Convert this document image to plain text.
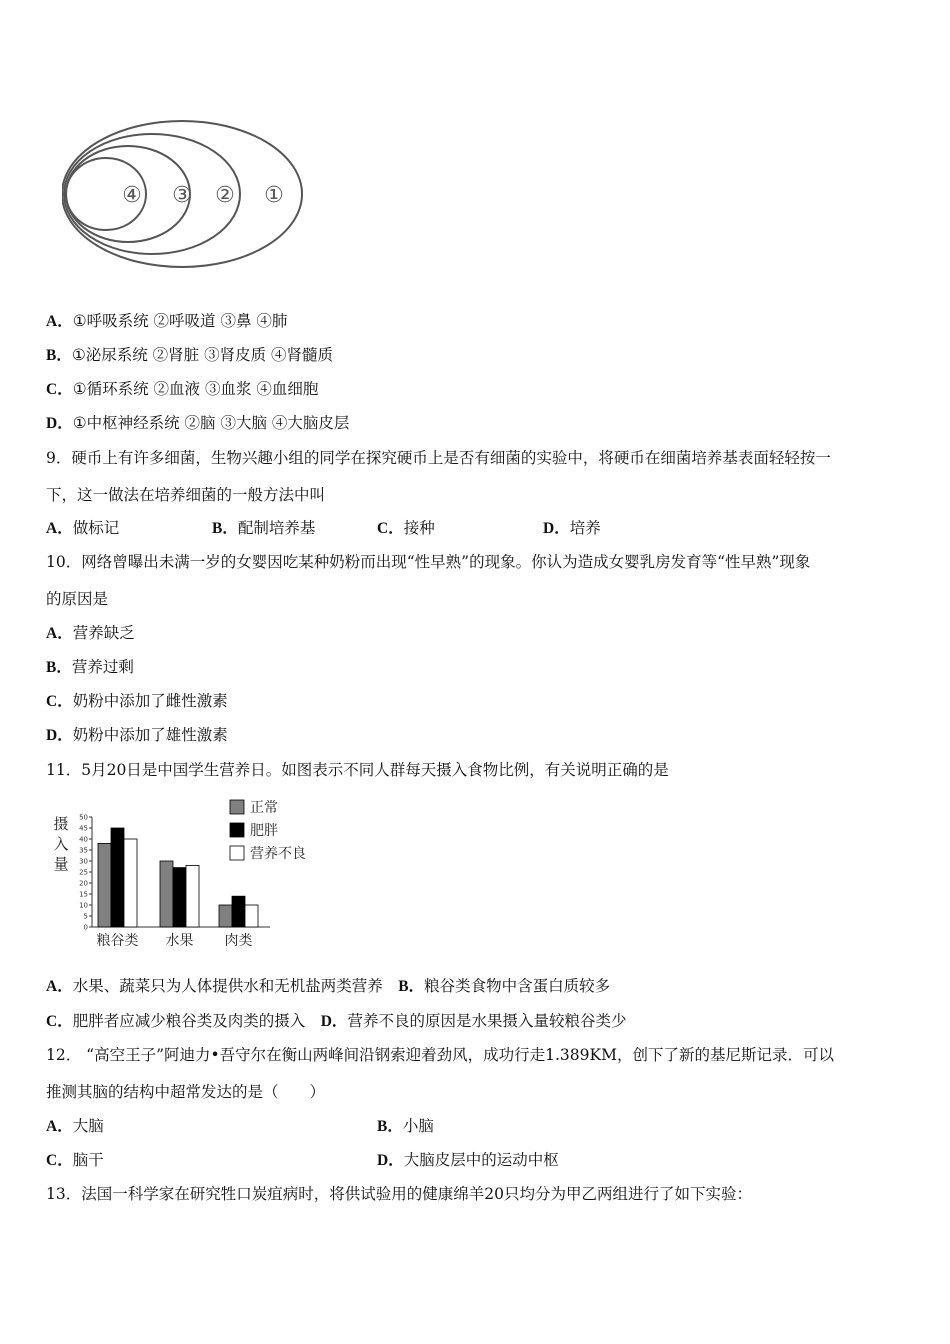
④ ③ ② ①
A．①呼吸系统 ②呼吸道 ③鼻 ④肺
B．①泌尿系统 ②肾脏 ③肾皮质 ④肾髓质
C．①循环系统 ②血液 ③血浆 ④血细胞
D．①中枢神经系统 ②脑 ③大脑 ④大脑皮层
9．硬币上有许多细菌，生物兴趣小组的同学在探究硬币上是否有细菌的实验中，将硬币在细菌培养基表面轻轻按一
下，这一做法在培养细菌的一般方法中叫
A．做标记	B．配制培养基	C．接种	D．培养
10．网络曾曝出未满一岁的女婴因吃某种奶粉而出现“性早熟”的现象。你认为造成女婴乳房发育等“性早熟”现象
的原因是
A．营养缺乏
B．营养过剩
C．奶粉中添加了雌性激素
D．奶粉中添加了雄性激素
11．5月20日是中国学生营养日。如图表示不同人群每天摄入食物比例，有关说明正确的是
摄
入
量
0
5
10
15
20
25
30
35
40
45
50
粮谷类 水果 肉类
正常
肥胖
营养不良
A．水果、蔬菜只为人体提供水和无机盐两类营养　 B．粮谷类食物中含蛋白质较多
C．肥胖者应减少粮谷类及肉类的摄入　 D．营养不良的原因是水果摄入量较粮谷类少
12． “高空王子”阿迪力•吾守尔在衡山两峰间沿钢索迎着劲风，成功行走1.389KM，创下了新的基尼斯记录．可以
推测其脑的结构中超常发达的是（　　）
A．大脑	B．小脑
C．脑干	D．大脑皮层中的运动中枢
13．法国一科学家在研究牲口炭疽病时，将供试验用的健康绵羊20只均分为甲乙两组进行了如下实验：
